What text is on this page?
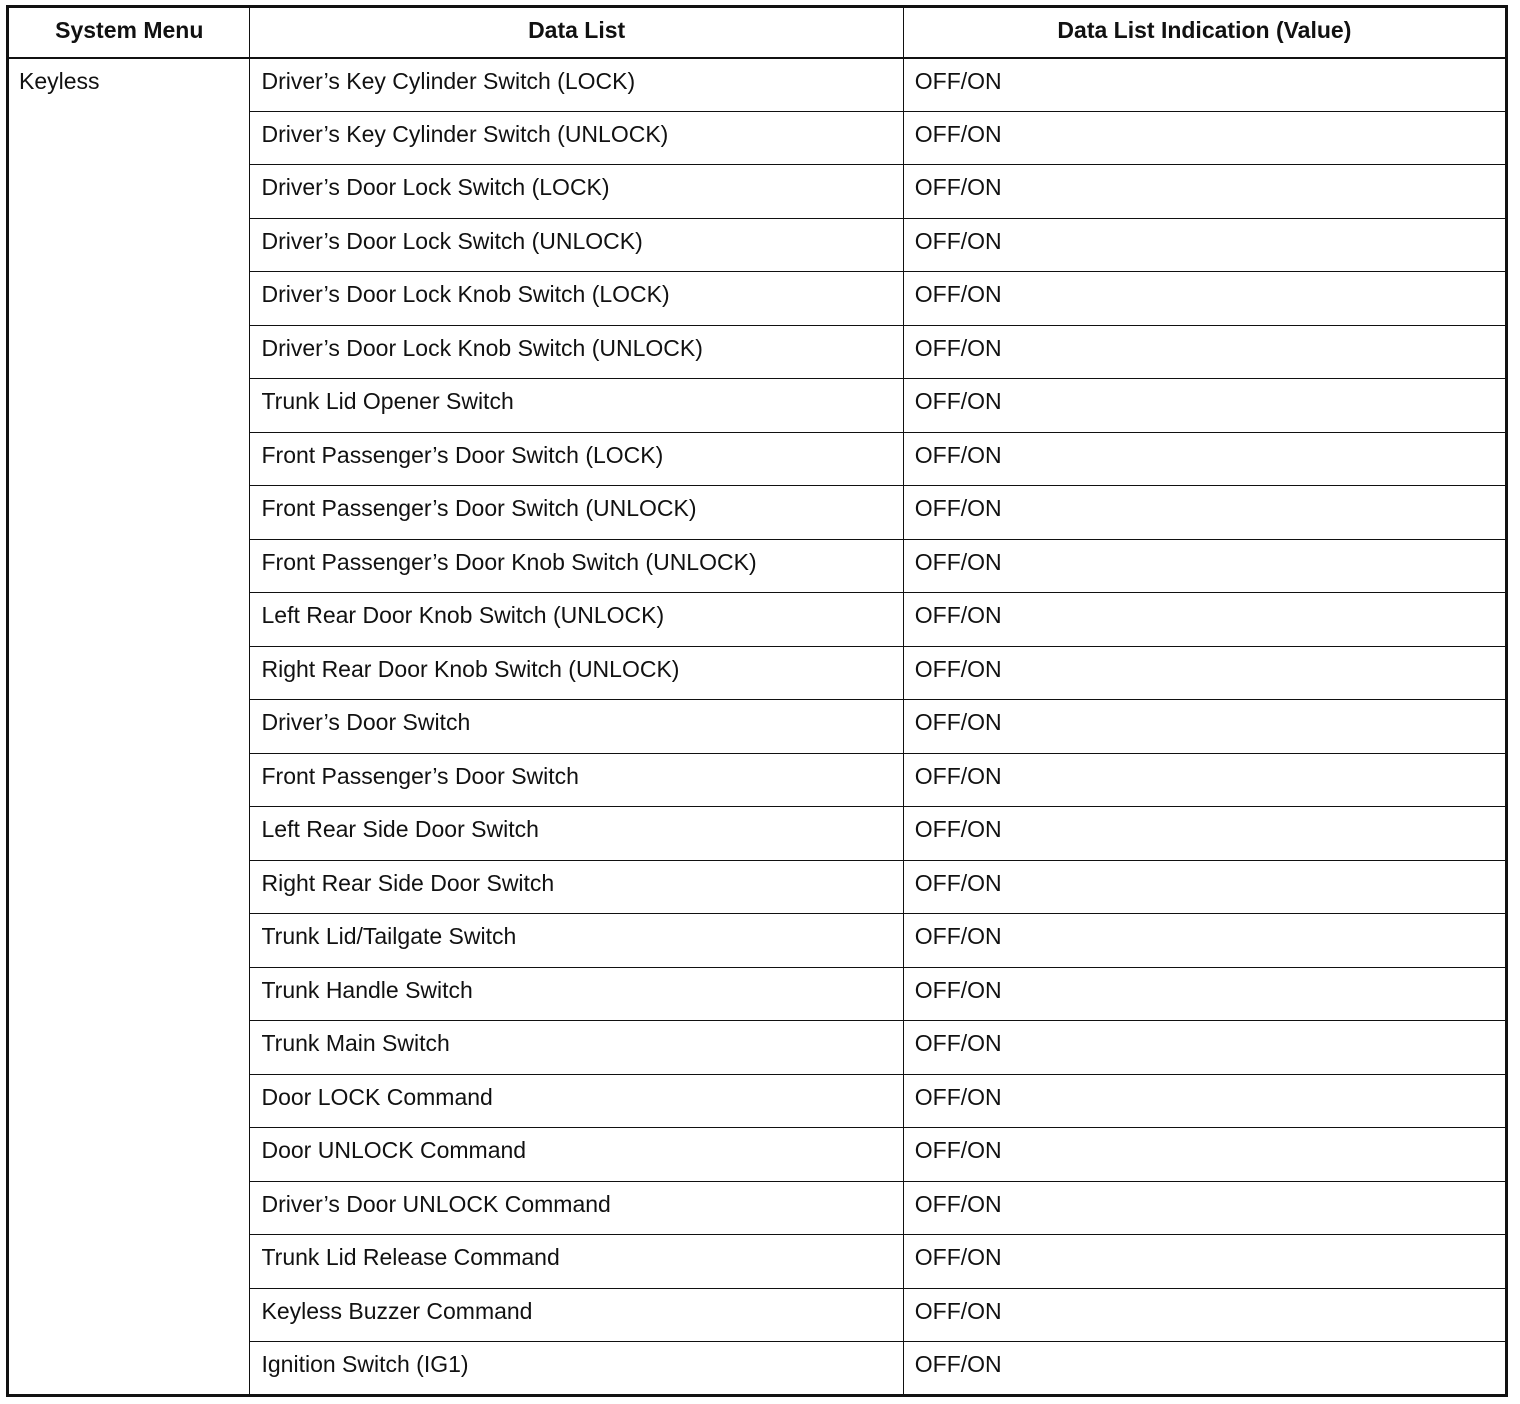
System Menu	Data List	Data List Indication (Value)
Keyless	Driver’s Key Cylinder Switch (LOCK)	OFF/ON
	Driver’s Key Cylinder Switch (UNLOCK)	OFF/ON
	Driver’s Door Lock Switch (LOCK)	OFF/ON
	Driver’s Door Lock Switch (UNLOCK)	OFF/ON
	Driver’s Door Lock Knob Switch (LOCK)	OFF/ON
	Driver’s Door Lock Knob Switch (UNLOCK)	OFF/ON
	Trunk Lid Opener Switch	OFF/ON
	Front Passenger’s Door Switch (LOCK)	OFF/ON
	Front Passenger’s Door Switch (UNLOCK)	OFF/ON
	Front Passenger’s Door Knob Switch (UNLOCK)	OFF/ON
	Left Rear Door Knob Switch (UNLOCK)	OFF/ON
	Right Rear Door Knob Switch (UNLOCK)	OFF/ON
	Driver’s Door Switch	OFF/ON
	Front Passenger’s Door Switch	OFF/ON
	Left Rear Side Door Switch	OFF/ON
	Right Rear Side Door Switch	OFF/ON
	Trunk Lid/Tailgate Switch	OFF/ON
	Trunk Handle Switch	OFF/ON
	Trunk Main Switch	OFF/ON
	Door LOCK Command	OFF/ON
	Door UNLOCK Command	OFF/ON
	Driver’s Door UNLOCK Command	OFF/ON
	Trunk Lid Release Command	OFF/ON
	Keyless Buzzer Command	OFF/ON
	Ignition Switch (IG1)	OFF/ON
